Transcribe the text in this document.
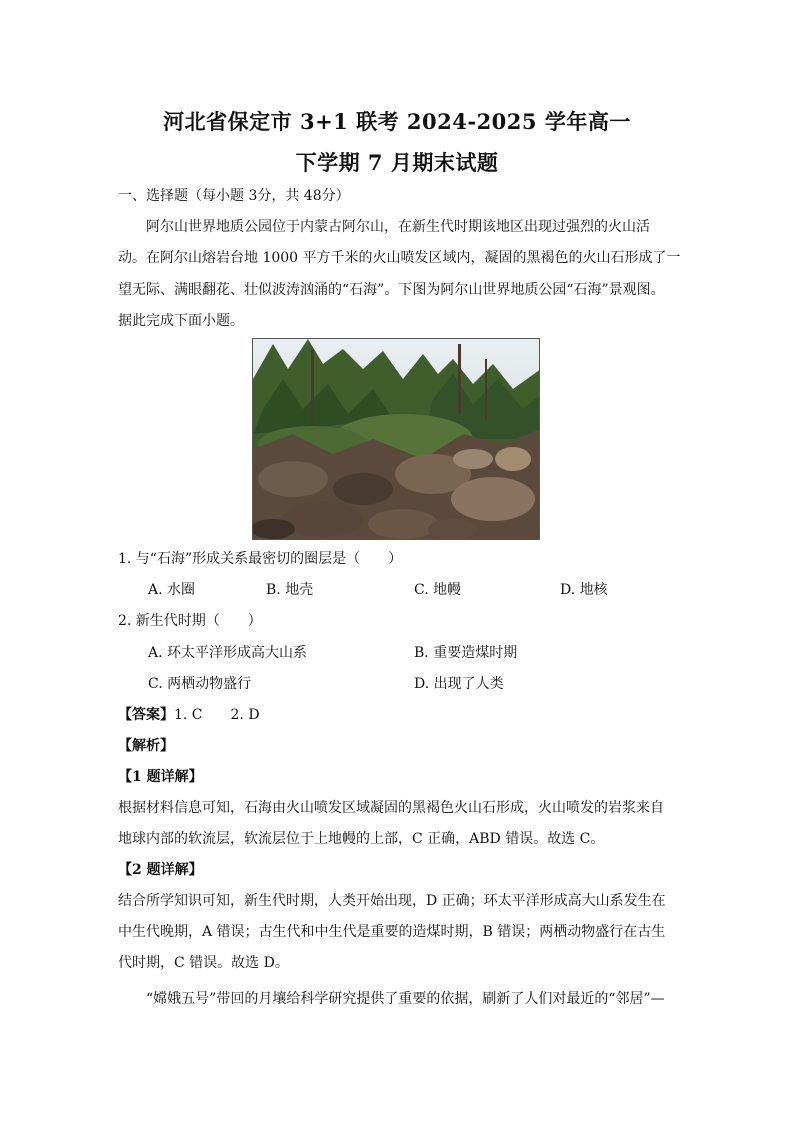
河北省保定市 3+1 联考 2024-2025 学年高一
下学期 7 月期末试题
一、选择题（每小题 3分，共 48分）
阿尔山世界地质公园位于内蒙古阿尔山，在新生代时期该地区出现过强烈的火山活
动。在阿尔山熔岩台地 1000 平方千米的火山喷发区域内，凝固的黑褐色的火山石形成了一
望无际、满眼翻花、壮似波涛汹涌的“石海”。下图为阿尔山世界地质公园“石海”景观图。
据此完成下面小题。
1. 与“石海”形成关系最密切的圈层是（　　）
A. 水圈	B. 地壳	C. 地幔	D. 地核
2. 新生代时期（　　）
A. 环太平洋形成高大山系	B. 重要造煤时期
C. 两栖动物盛行	D. 出现了人类
【答案】1. C　　2. D
【解析】
【1 题详解】
根据材料信息可知，石海由火山喷发区域凝固的黑褐色火山石形成，火山喷发的岩浆来自
地球内部的软流层，软流层位于上地幔的上部，C 正确，ABD 错误。故选 C。
【2 题详解】
结合所学知识可知，新生代时期，人类开始出现，D 正确；环太平洋形成高大山系发生在
中生代晚期，A 错误；古生代和中生代是重要的造煤时期，B 错误；两栖动物盛行在古生
代时期，C 错误。故选 D。
“嫦娥五号”带回的月壤给科学研究提供了重要的依据，刷新了人们对最近的“邻居”—
